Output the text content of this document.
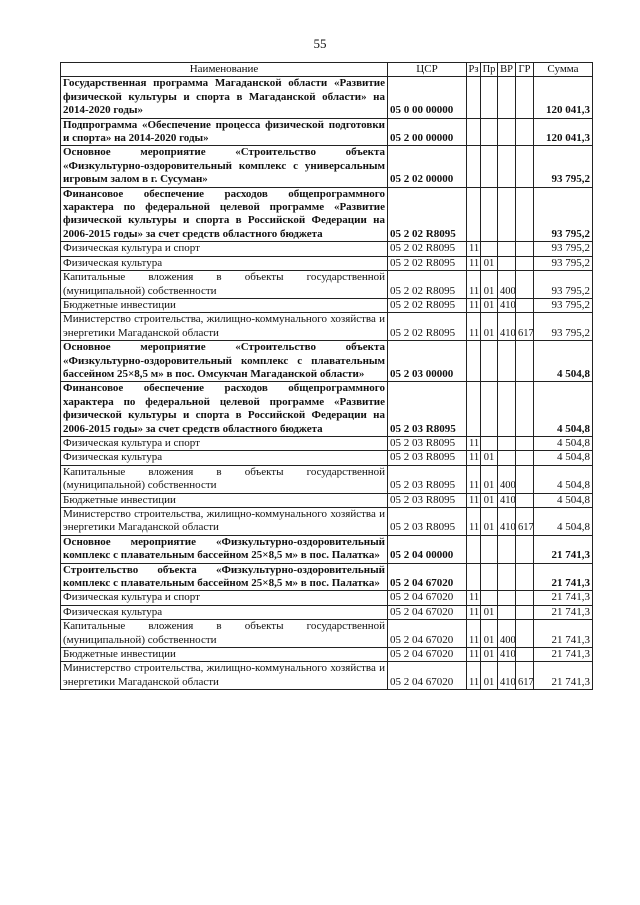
55
Наименование	ЦСР	Рз	Пр	ВР	ГР	Сумма
Государственная программа Магаданской области «Развитие физической культуры и спорта в Магаданской области» на 2014-2020 годы»	05 0 00 00000					120 041,3
Подпрограмма «Обеспечение процесса физической подготовки и спорта» на 2014-2020 годы»	05 2 00 00000					120 041,3
Основное мероприятие «Строительство объекта «Физкультурно-оздоровительный комплекс с универсальным игровым залом в г. Сусуман»	05 2 02 00000					93 795,2
Финансовое обеспечение расходов общепрограммного характера по федеральной целевой программе «Развитие физической культуры и спорта в Российской Федерации на 2006-2015 годы» за счет средств областного бюджета	05 2 02 R8095					93 795,2
Физическая культура и спорт	05 2 02 R8095	11				93 795,2
Физическая культура	05 2 02 R8095	11	01			93 795,2
Капитальные вложения в объекты государственной (муниципальной) собственности	05 2 02 R8095	11	01	400		93 795,2
Бюджетные инвестиции	05 2 02 R8095	11	01	410		93 795,2
Министерство строительства, жилищно-коммунального хозяйства и энергетики Магаданской области	05 2 02 R8095	11	01	410	617	93 795,2
Основное мероприятие «Строительство объекта «Физкультурно-оздоровительный комплекс с плавательным бассейном 25×8,5 м» в пос. Омсукчан Магаданской области»	05 2 03 00000					4 504,8
Финансовое обеспечение расходов общепрограммного характера по федеральной целевой программе «Развитие физической культуры и спорта в Российской Федерации на 2006-2015 годы» за счет средств областного бюджета	05 2 03 R8095					4 504,8
Физическая культура и спорт	05 2 03 R8095	11				4 504,8
Физическая культура	05 2 03 R8095	11	01			4 504,8
Капитальные вложения в объекты государственной (муниципальной) собственности	05 2 03 R8095	11	01	400		4 504,8
Бюджетные инвестиции	05 2 03 R8095	11	01	410		4 504,8
Министерство строительства, жилищно-коммунального хозяйства и энергетики Магаданской области	05 2 03 R8095	11	01	410	617	4 504,8
Основное мероприятие «Физкультурно-оздоровительный комплекс с плавательным бассейном 25×8,5 м» в пос. Палатка»	05 2 04 00000					21 741,3
Строительство объекта «Физкультурно-оздоровительный комплекс с плавательным бассейном 25×8,5 м» в пос. Палатка»	05 2 04 67020					21 741,3
Физическая культура и спорт	05 2 04 67020	11				21 741,3
Физическая культура	05 2 04 67020	11	01			21 741,3
Капитальные вложения в объекты государственной (муниципальной) собственности	05 2 04 67020	11	01	400		21 741,3
Бюджетные инвестиции	05 2 04 67020	11	01	410		21 741,3
Министерство строительства, жилищно-коммунального хозяйства и энергетики Магаданской области	05 2 04 67020	11	01	410	617	21 741,3
